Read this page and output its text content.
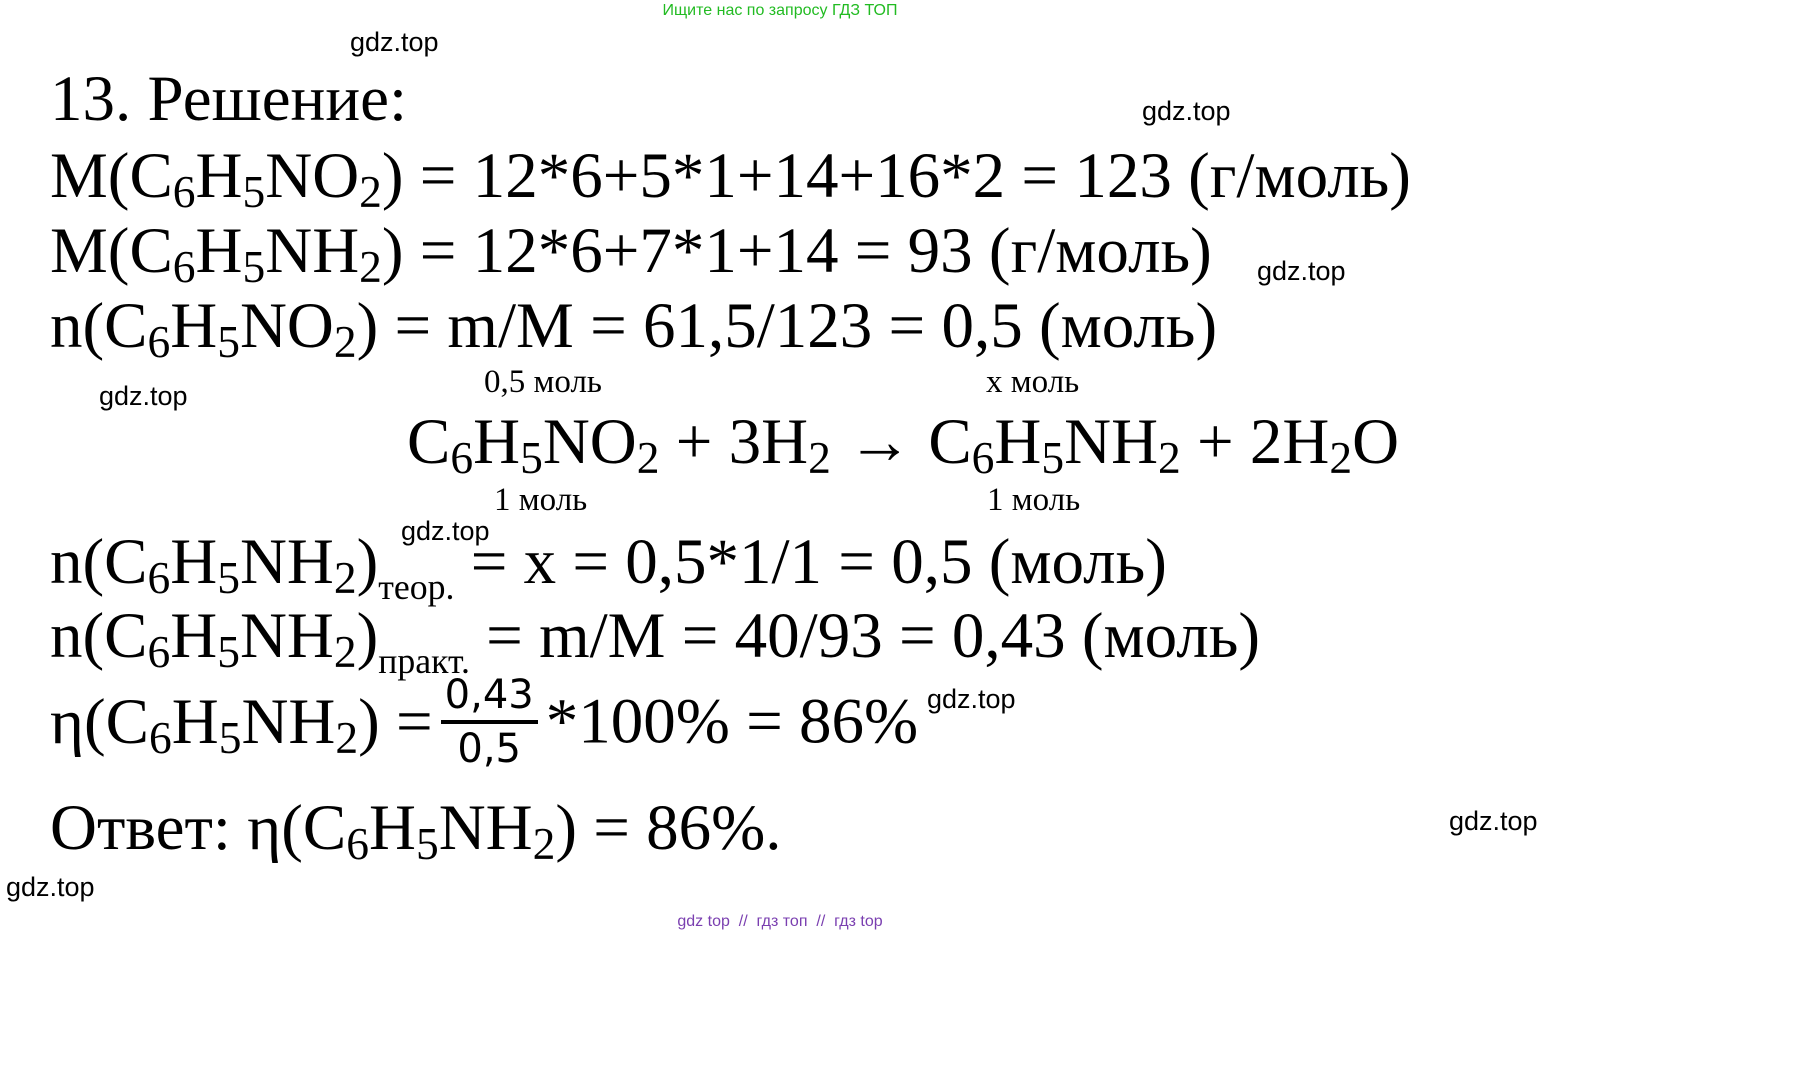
Ищите нас по запросу ГДЗ ТОП
gdz top  //  гдз топ  //  гдз top
gdz.top
gdz.top
gdz.top
gdz.top
gdz.top
gdz.top
gdz.top
gdz.top
13. Решение:
$M(C_6H_5NO_2) = 12*6+5*1+14+16*2 = 123$ (г/моль)
$M(C_6H_5NH_2) = 12*6+7*1+14 = 93$ (г/моль)
$n(C_6H_5NO_2) = m/M = 61,5/123 = 0,5$ (моль)
0,5 моль	x моль
$C_6H_5NO_2 + 3H_2 \to C_6H_5NH_2 + 2H_2O$
1 моль	1 моль
$n(C_6H_5NH_2)_{теор.} = x = 0,5*1/1 = 0,5$ (моль)
$n(C_6H_5NH_2)_{практ.} = m/M = 40/93 = 0,43$ (моль)
$\eta(C_6H_5NH_2) = \frac{0,43}{0,5} *100\% = 86\%$
Ответ: $\eta(C_6H_5NH_2) = 86\%$.
